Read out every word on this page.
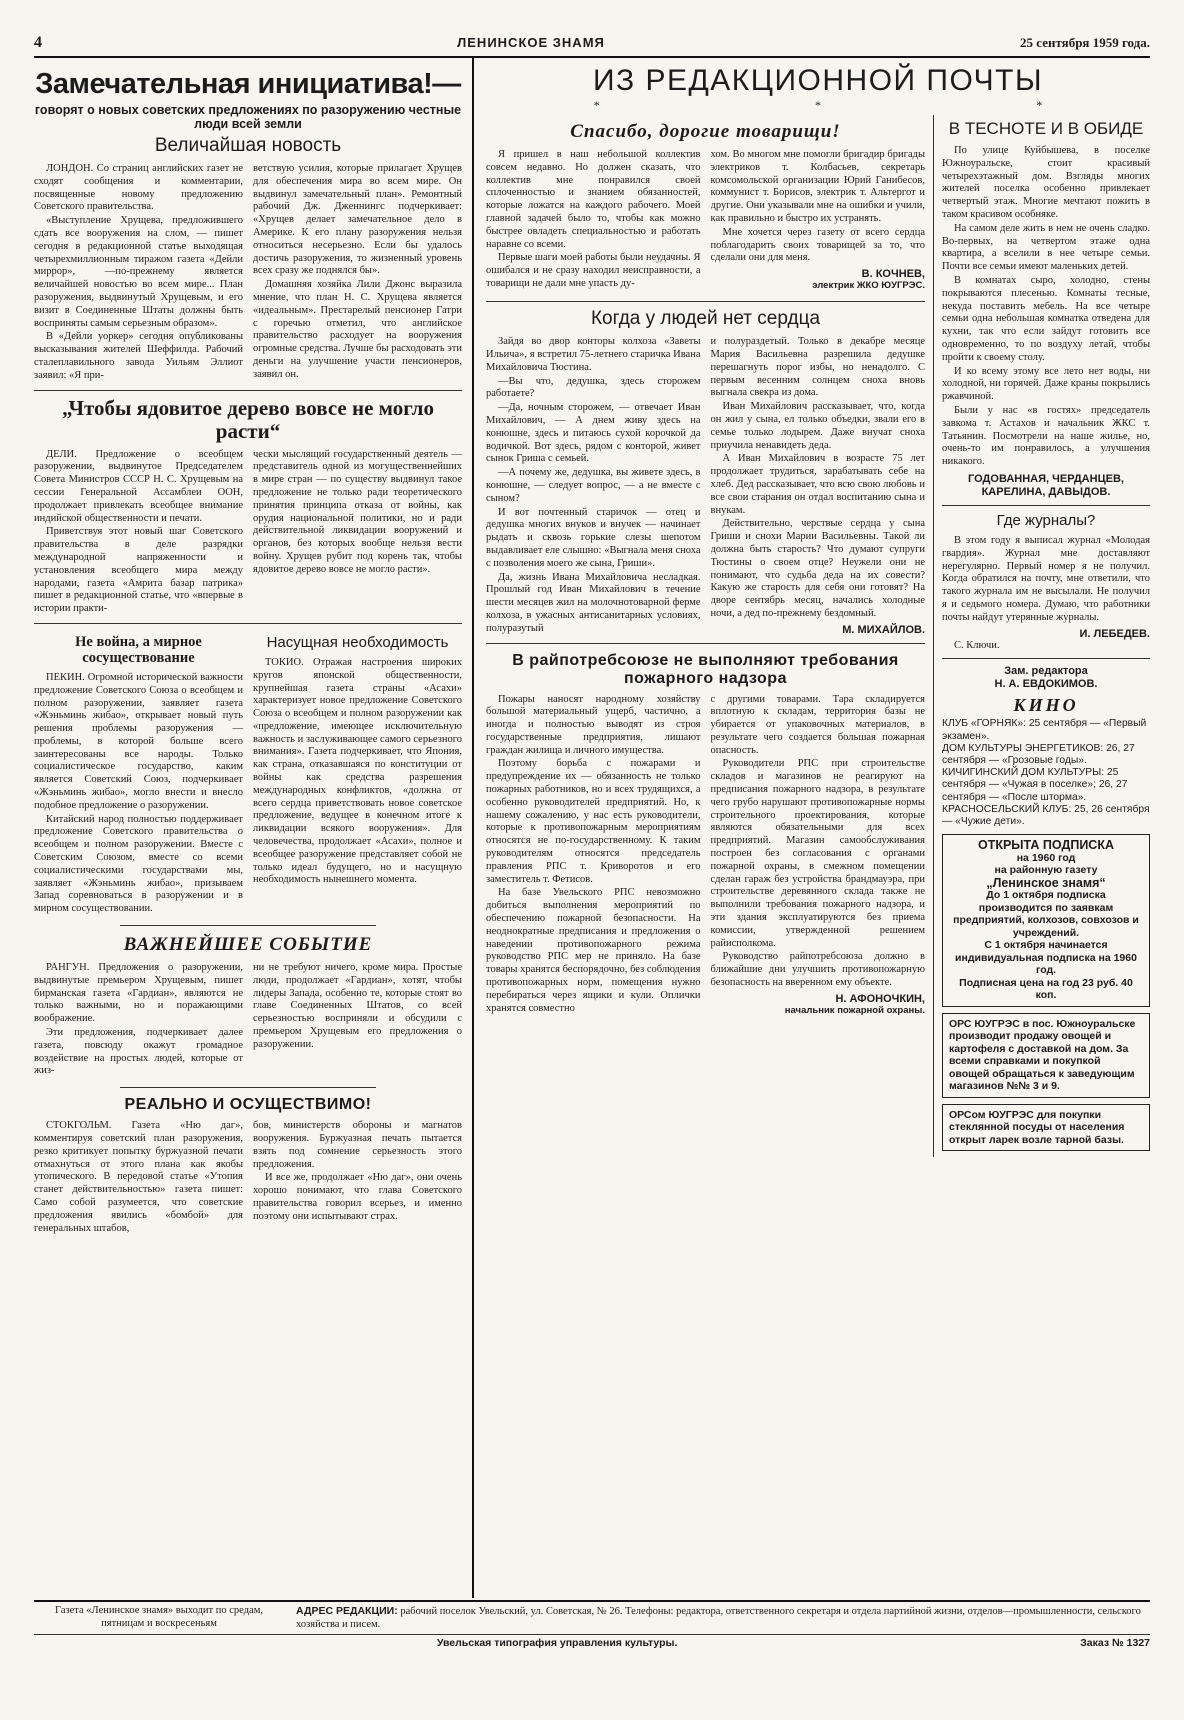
4	ЛЕНИНСКОЕ ЗНАМЯ	25 сентября 1959 года.
Замечательная инициатива!—
говорят о новых советских предложениях по разоружению честные люди всей земли
Величайшая новость

ЛОНДОН. Со страниц английских газет не сходят сообщения и комментарии, посвященные новому предложению Советского правительства.

«Выступление Хрущева, предложившего сдать все вооружения на слом, — пишет сегодня в редакционной статье выходящая четырехмиллионным тиражом газета «Дейли миррор», —по-прежнему является величайшей новостью во всем мире... План разоружения, выдвинутый Хрущевым, и его визит в Соединенные Штаты должны быть восприняты самым серьезным образом».

В «Дейли уоркер» сегодня опубликованы высказывания жителей Шеффилда. Рабочий сталеплавильного завода Уильям Эллиот заявил: «Я при-

ветствую усилия, которые прилагает Хрущев для обеспечения мира во всем мире. Он выдвинул замечательный план». Ремонтный рабочий Дж. Дженнингс подчеркивает: «Хрущев делает замечательное дело в Америке. К его плану разоружения нельзя относиться несерьезно. Если бы удалось достичь разоружения, то жизненный уровень всех сразу же поднялся бы».

Домашняя хозяйка Лили Джонс выразила мнение, что план Н. С. Хрущева является «идеальным». Престарелый пенсионер Гатри с горечью отметил, что английское правительство расходует на вооружения огромные средства. Лучше бы расходовать эти деньги на улучшение участи пенсионеров, заявил он.

„Чтобы ядовитое дерево вовсе не могло расти“

ДЕЛИ. Предложение о всеобщем разоружении, выдвинутое Председателем Совета Министров СССР Н. С. Хрущевым на сессии Генеральной Ассамблеи ООН, продолжает привлекать всеобщее внимание индийской общественности и печати.

Приветствуя этот новый шаг Советского правительства в деле разрядки международной напряженности и установления всеобщего мира между народами, газета «Амрита базар патрика» пишет в редакционной статье, что «впервые в истории практи-

чески мыслящий государственный деятель — представитель одной из могущественнейших в мире стран — по существу выдвинул такое предложение не только ради теоретического принятия принципа отказа от войны, как орудия национальной политики, но и ради действительной ликвидации вооружений и органов, без которых вообще нельзя вести войну. Хрущев рубит под корень так, чтобы ядовитое дерево вовсе не могло расти».

Не война, а мирное сосуществование

ПЕКИН. Огромной исторической важности предложение Советского Союза о всеобщем и полном разоружении, заявляет газета «Жэньминь жибао», открывает новый путь решения проблемы разоружения — проблемы, в которой больше всего заинтересованы все народы. Только социалистическое государство, каким является Советский Союз, подчеркивает «Жэньминь жибао», могло внести и внесло подобное предложение о разоружении.

Китайский народ полностью поддерживает предложение Советского правительства о всеобщем и полном разоружении. Вместе с Советским Союзом, вместе со всеми социалистическими государствами мы, заявляет «Жэньминь жибао», призываем Запад соревноваться в разоружении и в мирном сосуществовании.

Насущная необходимость

ТОКИО. Отражая настроения широких кругов японской общественности, крупнейшая газета страны «Асахи» характеризует новое предложение Советского Союза о всеобщем и полном разоружении как «предложение, имеющее исключительную важность и заслуживающее самого серьезного внимания». Газета подчеркивает, что Япония, как страна, отказавшаяся по конституции от войны как средства разрешения международных конфликтов, «должна от всего сердца приветствовать новое советское предложение, ведущее в конечном итоге к ликвидации всякого вооружения». Для человечества, продолжает «Асахи», полное и всеобщее разоружение представляет собой не только идеал будущего, но и насущную необходимость нынешнего момента.

ВАЖНЕЙШЕЕ СОБЫТИЕ

РАНГУН. Предложения о разоружении, выдвинутые премьером Хрущевым, пишет бирманская газета «Гардиан», являются не только важными, но и поражающими воображение.

Эти предложения, подчеркивает далее газета, повсюду окажут громадное воздействие на простых людей, которые от жиз-

ни не требуют ничего, кроме мира. Простые люди, продолжает «Гардиан», хотят, чтобы лидеры Запада, особенно те, которые стоят во главе Соединенных Штатов, со всей серьезностью восприняли и обсудили с премьером Хрущевым его предложения о разоружении.

РЕАЛЬНО И ОСУЩЕСТВИМО!

СТОКГОЛЬМ. Газета «Ню даг», комментируя советский план разоружения, резко критикует попытку буржуазной печати отмахнуться от этого плана как якобы утопического. В передовой статье «Утопия станет действительностью» газета пишет: Само собой разумеется, что советские предложения явились «бомбой» для генеральных штабов,

бов, министерств обороны и магнатов вооружения. Буржуазная печать пытается взять под сомнение серьезность этого предложения.

И все же, продолжает «Ню даг», они очень хорошо понимают, что глава Советского правительства говорил всерьез, и именно поэтому они испытывают страх.

ИЗ РЕДАКЦИОННОЙ ПОЧТЫ
*	*	*
Спасибо, дорогие товарищи!

Я пришел в наш небольшой коллектив совсем недавно. Но должен сказать, что коллектив мне понравился своей сплоченностью и знанием обязанностей, которые ложатся на каждого рабочего. Моей главной задачей было то, чтобы как можно быстрее овладеть специальностью и работать наравне со всеми.

Первые шаги моей работы были неудачны. Я ошибался и не сразу находил неисправности, а товарищи не дали мне упасть ду-

хом. Во многом мне помогли бригадир бригады электриков т. Колбасьев, секретарь комсомольской организации Юрий Ганибесов, коммунист т. Борисов, электрик т. Альтергот и другие. Они указывали мне на ошибки и учили, как правильно и быстро их устранять.

Мне хочется через газету от всего сердца поблагодарить своих товарищей за то, что сделали они для меня.

В. КОЧНЕВ,
электрик ЖКО ЮУГРЭС.
Когда у людей нет сердца

Зайдя во двор конторы колхоза «Заветы Ильича», я встретил 75-летнего старичка Ивана Михайловича Тюстина.

—Вы что, дедушка, здесь сторожем работаете?

—Да, ночным сторожем, — отвечает Иван Михайлович, — А днем живу здесь на конюшне, здесь и питаюсь сухой корочкой да водичкой. Вот здесь, рядом с конторой, живет сынок Гриша с семьей.

—А почему же, дедушка, вы живете здесь, в конюшне, — следует вопрос, — а не вместе с сыном?

И вот почтенный старичок — отец и дедушка многих внуков и внучек — начинает рыдать и сквозь горькие слезы шепотом выдавливает еле слышно: «Выгнала меня сноха с позволения моего же сына, Гриши».

Да, жизнь Ивана Михайловича несладкая. Прошлый год Иван Михайлович в течение шести месяцев жил на молочнотоварной ферме колхоза, в ужасных антисанитарных условиях, полуразутый

и полураздетый. Только в декабре месяце Мария Васильевна разрешила дедушке перешагнуть порог избы, но ненадолго. С первым весенним солнцем сноха вновь выгнала свекра из дома.

Иван Михайлович рассказывает, что, когда он жил у сына, ел только объедки, звали его в семье только лодырем. Даже внучат сноха приучила ненавидеть деда.

А Иван Михайлович в возрасте 75 лет продолжает трудиться, зарабатывать себе на хлеб. Дед рассказывает, что всю свою любовь и все свои старания он отдал воспитанию сына и внукам.

Действительно, черствые сердца у сына Гриши и снохи Марии Васильевны. Такой ли должна быть старость? Что думают супруги Тюстины о своем отце? Неужели они не понимают, что судьба деда на их совести? Какую же старость для себя они готовят? На дворе сентябрь месяц, начались холодные ночи, а дед по-прежнему бездомный.

М. МИХАЙЛОВ.
В райпотребсоюзе не выполняют требования пожарного надзора

Пожары наносят народному хозяйству большой материальный ущерб, частично, а иногда и полностью выводят из строя государственные предприятия, лишают граждан жилища и личного имущества.

Поэтому борьба с пожарами и предупреждение их — обязанность не только пожарных работников, но и всех трудящихся, а особенно руководителей предприятий. Но, к нашему сожалению, у нас есть руководители, которые к противопожарным мероприятиям относятся не по-государственному. К таким руководителям относятся председатель правления РПС т. Криворотов и его заместитель т. Фетисов.

На базе Увельского РПС невозможно добиться выполнения мероприятий по обеспечению пожарной безопасности. На неоднократные предписания и предложения о наведении противопожарного режима руководство РПС мер не приняло. На базе товары хранятся беспорядочно, без соблюдения противопожарных норм, помещения нужно перебираться через ящики и кули. Оплички хранятся совместно

с другими товарами. Тара складируется вплотную к складам, территория базы не убирается от упаковочных материалов, в результате чего создается большая пожарная опасность.

Руководители РПС при строительстве складов и магазинов не реагируют на предписания пожарного надзора, в результате чего грубо нарушают противопожарные нормы строительного проектирования, которые являются обязательными для всех предприятий. Магазин самообслуживания построен без согласования с органами пожарной охраны, в смежном помещении сделан гараж без устройства брандмауэра, при строительстве деревянного склада также не выполнили требования пожарного надзора, и эти здания эксплуатируются без приема комиссии, утвержденной решением райисполкома.

Руководство райпотребсоюза должно в ближайшие дни улучшить противопожарную безопасность на вверенном ему объекте.

Н. АФОНОЧКИН,
начальник пожарной охраны.
В ТЕСНОТЕ И В ОБИДЕ

По улице Куйбышева, в поселке Южноуральске, стоит красивый четырехэтажный дом. Взгляды многих жителей поселка особенно привлекает четвертый этаж. Многие мечтают пожить в таком красивом особняке.

На самом деле жить в нем не очень сладко. Во-первых, на четвертом этаже одна квартира, а вселили в нее четыре семьи. Почти все семьи имеют маленьких детей.

В комнатах сыро, холодно, стены покрываются плесенью. Комнаты тесные, некуда поставить мебель. На все четыре семьи одна небольшая комнатка отведена для кухни, так что если зайдут готовить все одновременно, то по воздуху летай, чтобы пройти к своему столу.

И ко всему этому все лето нет воды, ни холодной, ни горячей. Даже краны покрылись ржавчиной.

Были у нас «в гостях» председатель завкома т. Астахов и начальник ЖКС т. Татьянин. Посмотрели на наше жилье, но, очень-то им понравилось, а улучшения никакого.

ГОДОВАННАЯ, ЧЕРДАНЦЕВ, КАРЕЛИНА, ДАВЫДОВ.
Где журналы?

В этом году я выписал журнал «Молодая гвардия». Журнал мне доставляют нерегулярно. Первый номер я не получил. Когда обратился на почту, мне ответили, что такого журнала им не высылали. Не получил я и седьмого номера. Думаю, что работники почты найдут утерянные журналы.

И. ЛЕБЕДЕВ.

С. Ключи.

Зам. редактора
Н. А. ЕВДОКИМОВ.
КИНО

КЛУБ «ГОРНЯК»: 25 сентября — «Первый экзамен».

ДОМ КУЛЬТУРЫ ЭНЕРГЕТИКОВ: 26, 27 сентября — «Грозовые годы».

КИЧИГИНСКИЙ ДОМ КУЛЬТУРЫ: 25 сентября — «Чужая в поселке»; 26, 27 сентября — «После шторма».

КРАСНОСЕЛЬСКИЙ КЛУБ: 25, 26 сентября — «Чужие дети».

ОТКРЫТА ПОДПИСКА

на 1960 год

на районную газету

„Ленинское знамя“

До 1 октября подписка производится по заявкам предприятий, колхозов, совхозов и учреждений.

С 1 октября начинается индивидуальная подписка на 1960 год.

Подписная цена на год 23 руб. 40 коп.

ОРС ЮУГРЭС в пос. Южноуральске производит продажу овощей и картофеля с доставкой на дом. За всеми справками и покупкой овощей обращаться к заведующим магазинов №№ 3 и 9.

ОРСом ЮУГРЭС для покупки стеклянной посуды от населения открыт ларек возле тарной базы.

Газета «Ленинское знамя» выходит по средам, пятницам и воскресеньям
АДРЕС РЕДАКЦИИ: рабочий поселок Увельский, ул. Советская, № 26. Телефоны: редактора, ответственного секретаря и отдела партийной жизни, отделов—промышленности, сельского хозяйства и писем.
Увельская типография управления культуры.	Заказ № 1327
